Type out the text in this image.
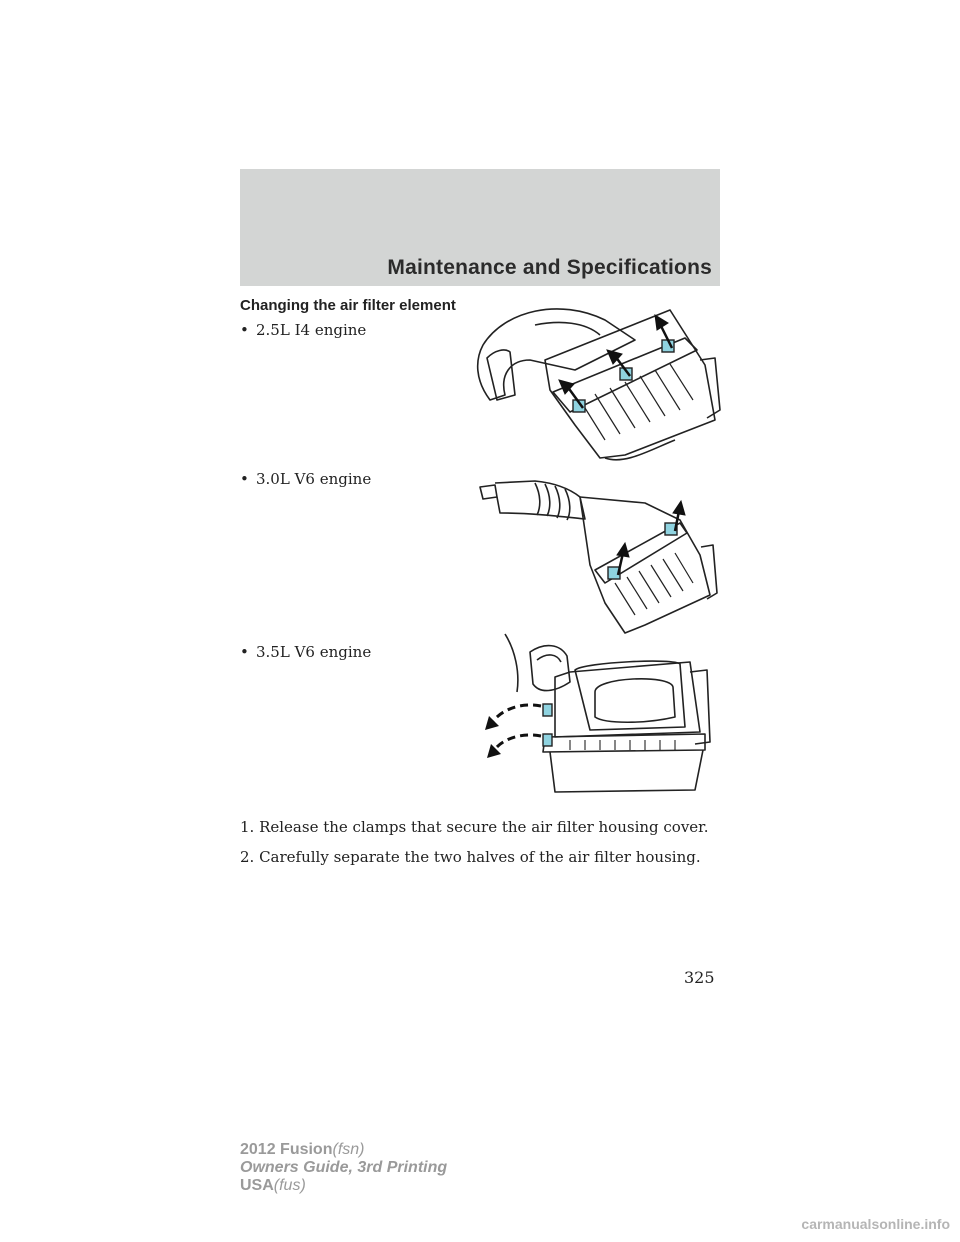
Maintenance and Specifications
Changing the air filter element
• 2.5L I4 engine
• 3.0L V6 engine
• 3.5L V6 engine
1. Release the clamps that secure the air filter housing cover.
2. Carefully separate the two halves of the air filter housing.
325
2012 Fusion(fsn)
Owners Guide, 3rd Printing
USA(fus)
carmanualsonline.info
